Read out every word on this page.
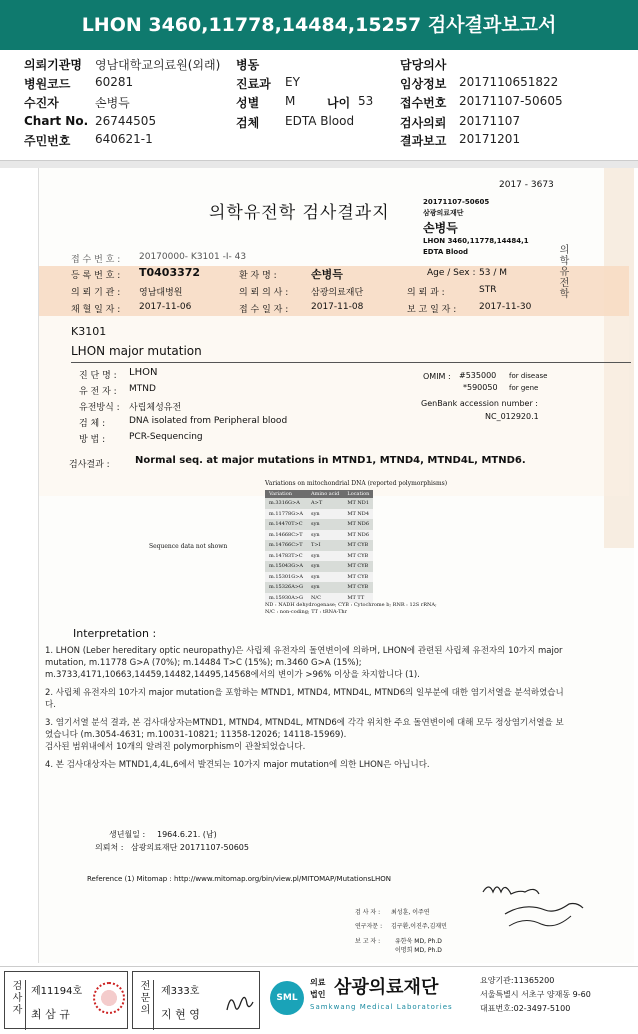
LHON 3460,11778,14484,15257 검사결과보고서
의뢰기관명 영남대학교의료원(외래)
병원코드 60281
수진자	손병득
Chart No. 26744505
주민번호 640621-1
병동
진료과 EY
성별 M	나이 53
검체 EDTA Blood
담당의사
임상정보 2017110651822
접수번호 20171107-50605
검사의뢰 20171107
결과보고 20171201
2017 - 3673
의학유전학 검사결과지
20171107-50605
삼광의료재단
손병득
LHON 3460,11778,14484,1
EDTA Blood	의학유전학
접 수 번 호 : 20170000- K3101 -I- 43
등 록 번 호 : T0403372	환 자 명 :	손병득	Age / Sex : 53 / M
의 뢰 기 관 : 영남대병원	의 뢰 의 사 :	삼광의료재단	의 뢰 과 :	STR
채 혈 일 자 : 2017-11-06	접 수 일 자 :	2017-11-08	보 고 일 자 :	2017-11-30
K3101
LHON major mutation
진 단 명 : LHON
유 전 자 : MTND
유전방식 : 사립체성유전
검 체 :	DNA isolated from Peripheral blood
방 법 :	PCR-Sequencing
OMIM : #535000 for disease
*590050 for gene
GenBank accession number :
NC_012920.1
검사결과 :	Normal seq. at major mutations in MTND1, MTND4, MTND4L, MTND6.
Variations on mitochondrial DNA (reported polymorphisms)
Sequence data not shown
Variation	Amino acid	Location
m.3316G>A	A>T	MT ND1
m.11778G>A	syn	MT ND4
m.14470T>C	syn	MT ND6
m.14668C>T	syn	MT ND6
m.14766C>T	T>I	MT CYB
m.14783T>C	syn	MT CYB
m.15043G>A	syn	MT CYB
m.15301G>A	syn	MT CYB
m.15326A>G	syn	MT CYB
m.15930A>G	N/C	MT TT
ND : NADH dehydrogenase; CYB : Cytochrome b; RNR : 12S rRNA;
N/C : non-coding; TT : tRNA-Thr
Interpretation :
생년월일 : 1964.6.21. (남)
의뢰처 : 삼광의료재단 20171107-50605
Reference (1) Mitomap : http://www.mitomap.org/bin/view.pl/MITOMAP/MutationsLHON
검 사 자 : 최성훈, 이주연
연구자문 : 김구환,이진주,김재민
보 고 자 : 유한욱 MD, Ph.D
이명희 MD, Ph.D

1. LHON (Leber hereditary optic neuropathy)은 사립체 유전자의 돌연변이에 의하며, LHON에 관련된 사립체 유전자의 10가지 major mutation, m.11778 G>A (70%); m.14484 T>C (15%); m.3460 G>A (15%); m.3733,4171,10663,14459,14482,14495,14568에서의 변이가 >96% 이상을 차지합니다 (1).

2. 사립체 유전자의 10가지 major mutation을 포함하는 MTND1, MTND4, MTND4L, MTND6의 일부분에 대한 염기서열을 분석하였습니다.

3. 염기서열 분석 결과, 본 검사대상자는MTND1, MTND4, MTND4L, MTND6에 각각 위치한 주요 돌연변이에 대해 모두 정상염기서열을 보였습니다 (m.3054-4631; m.10031-10821; 11358-12026; 14118-15969).

검사된 범위내에서 10개의 알려진 polymorphism이 관찰되었습니다.

4. 본 검사대상자는 MTND1,4,4L,6에서 발견되는 10가지 major mutation에 의한 LHON은 아닙니다.

검사자	제11194호
최 삼 규	전문의	제333호
지 현 영
SML
의료
법인 삼광의료재단
Samkwang Medical Laboratories
요양기관:11365200
서울특별시 서초구 양재동 9-60
대표번호:02-3497-5100
